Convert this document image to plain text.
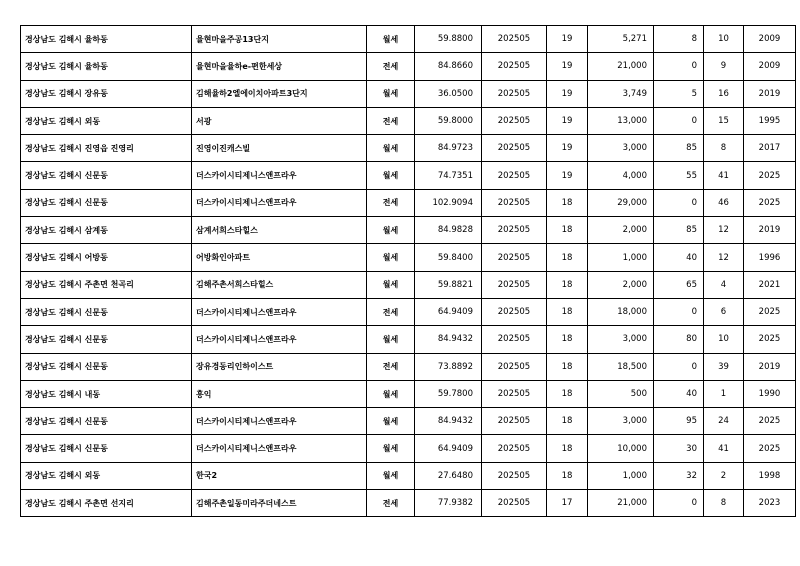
경상남도 김해시 율하동	율현마을주공13단지	월세	59.8800	202505	19	5,271	8	10	2009
경상남도 김해시 율하동	율현마을율하e-편한세상	전세	84.8660	202505	19	21,000	0	9	2009
경상남도 김해시 장유동	김해율하2엘에이치아파트3단지	월세	36.0500	202505	19	3,749	5	16	2019
경상남도 김해시 외동	서광	전세	59.8000	202505	19	13,000	0	15	1995
경상남도 김해시 진영읍 진영리	진영이진캐스빌	월세	84.9723	202505	19	3,000	85	8	2017
경상남도 김해시 신문동	더스카이시티제니스앤프라우	월세	74.7351	202505	19	4,000	55	41	2025
경상남도 김해시 신문동	더스카이시티제니스앤프라우	전세	102.9094	202505	18	29,000	0	46	2025
경상남도 김해시 삼계동	삼계서희스타힐스	월세	84.9828	202505	18	2,000	85	12	2019
경상남도 김해시 어방동	어방화인아파트	월세	59.8400	202505	18	1,000	40	12	1996
경상남도 김해시 주촌면 천곡리	김해주촌서희스타힐스	월세	59.8821	202505	18	2,000	65	4	2021
경상남도 김해시 신문동	더스카이시티제니스앤프라우	전세	64.9409	202505	18	18,000	0	6	2025
경상남도 김해시 신문동	더스카이시티제니스앤프라우	월세	84.9432	202505	18	3,000	80	10	2025
경상남도 김해시 신문동	장유경동리인하이스트	전세	73.8892	202505	18	18,500	0	39	2019
경상남도 김해시 내동	흥익	월세	59.7800	202505	18	500	40	1	1990
경상남도 김해시 신문동	더스카이시티제니스앤프라우	월세	84.9432	202505	18	3,000	95	24	2025
경상남도 김해시 신문동	더스카이시티제니스앤프라우	월세	64.9409	202505	18	10,000	30	41	2025
경상남도 김해시 외동	한국2	월세	27.6480	202505	18	1,000	32	2	1998
경상남도 김해시 주촌면 선지리	김해주촌일동미라주더네스트	전세	77.9382	202505	17	21,000	0	8	2023
